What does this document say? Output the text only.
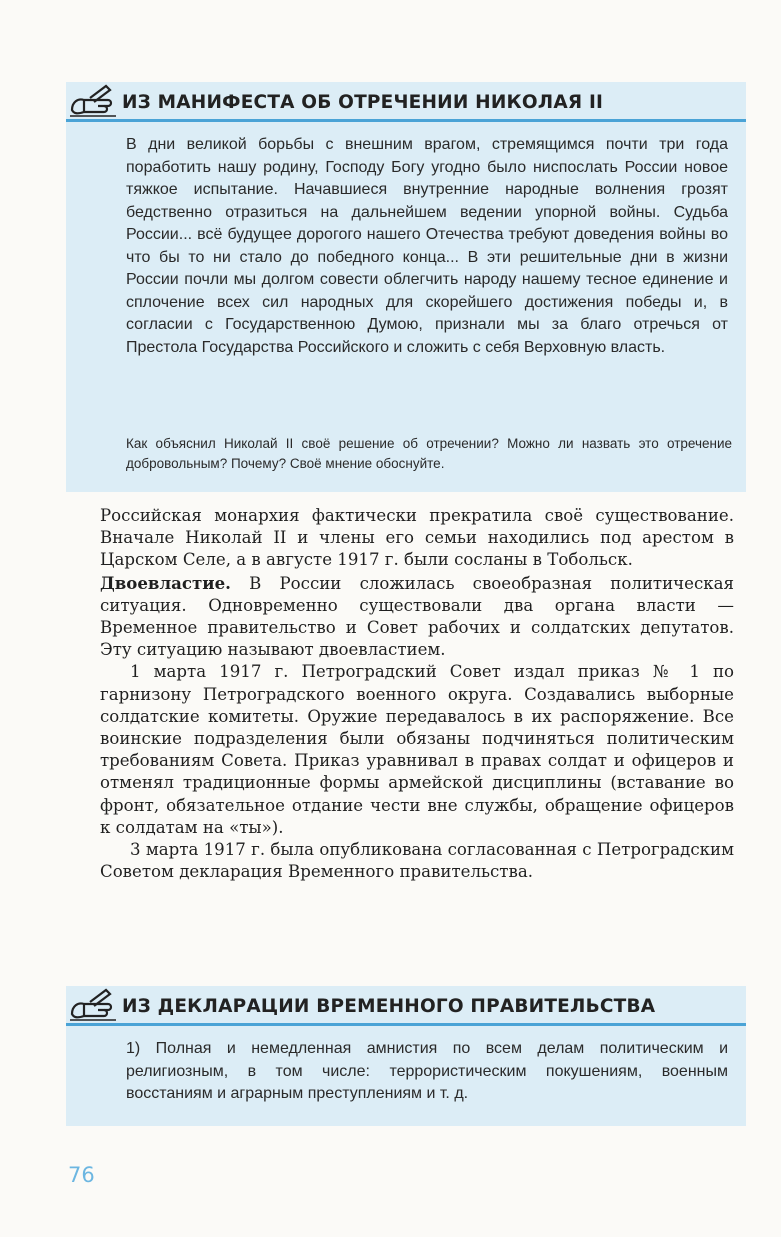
ИЗ МАНИФЕСТА ОБ ОТРЕЧЕНИИ НИКОЛАЯ II
В дни великой борьбы с внешним врагом, стремящимся почти три года поработить нашу родину, Господу Богу угодно было ниспослать России новое тяжкое испытание. Начавшиеся внутренние народные волнения грозят бедственно отразиться на дальнейшем ведении упорной войны. Судьба России... всё будущее дорогого нашего Отечества требуют доведения войны во что бы то ни стало до победного конца... В эти решительные дни в жизни России почли мы долгом совести облегчить народу нашему тесное единение и сплочение всех сил народных для скорейшего достижения победы и, в согласии с Государственною Думою, признали мы за благо отречься от Престола Государства Российского и сложить с себя Верховную власть.
Как объяснил Николай II своё решение об отречении? Можно ли назвать это отречение добровольным? Почему? Своё мнение обоснуйте.

Российская монархия фактически прекратила своё существование. Вначале Николай II и члены его семьи находились под арестом в Царском Селе, а в августе 1917 г. были сосланы в Тобольск.

Двоевластие. В России сложилась своеобразная политическая ситуация. Одновременно существовали два органа власти — Временное правительство и Совет рабочих и солдатских депутатов. Эту ситуацию называют двоевластием.

1 марта 1917 г. Петроградский Совет издал приказ № 1 по гарнизону Петроградского военного округа. Создавались выборные солдатские комитеты. Оружие передавалось в их распоряжение. Все воинские подразделения были обязаны подчиняться политическим требованиям Совета. Приказ уравнивал в правах солдат и офицеров и отменял традиционные формы армейской дисциплины (вставание во фронт, обязательное отдание чести вне службы, обращение офицеров к солдатам на «ты»).

3 марта 1917 г. была опубликована согласованная с Петроградским Советом декларация Временного правительства.

ИЗ ДЕКЛАРАЦИИ ВРЕМЕННОГО ПРАВИТЕЛЬСТВА
1) Полная и немедленная амнистия по всем делам политическим и религиозным, в том числе: террористическим покушениям, военным восстаниям и аграрным преступлениям и т. д.
76
